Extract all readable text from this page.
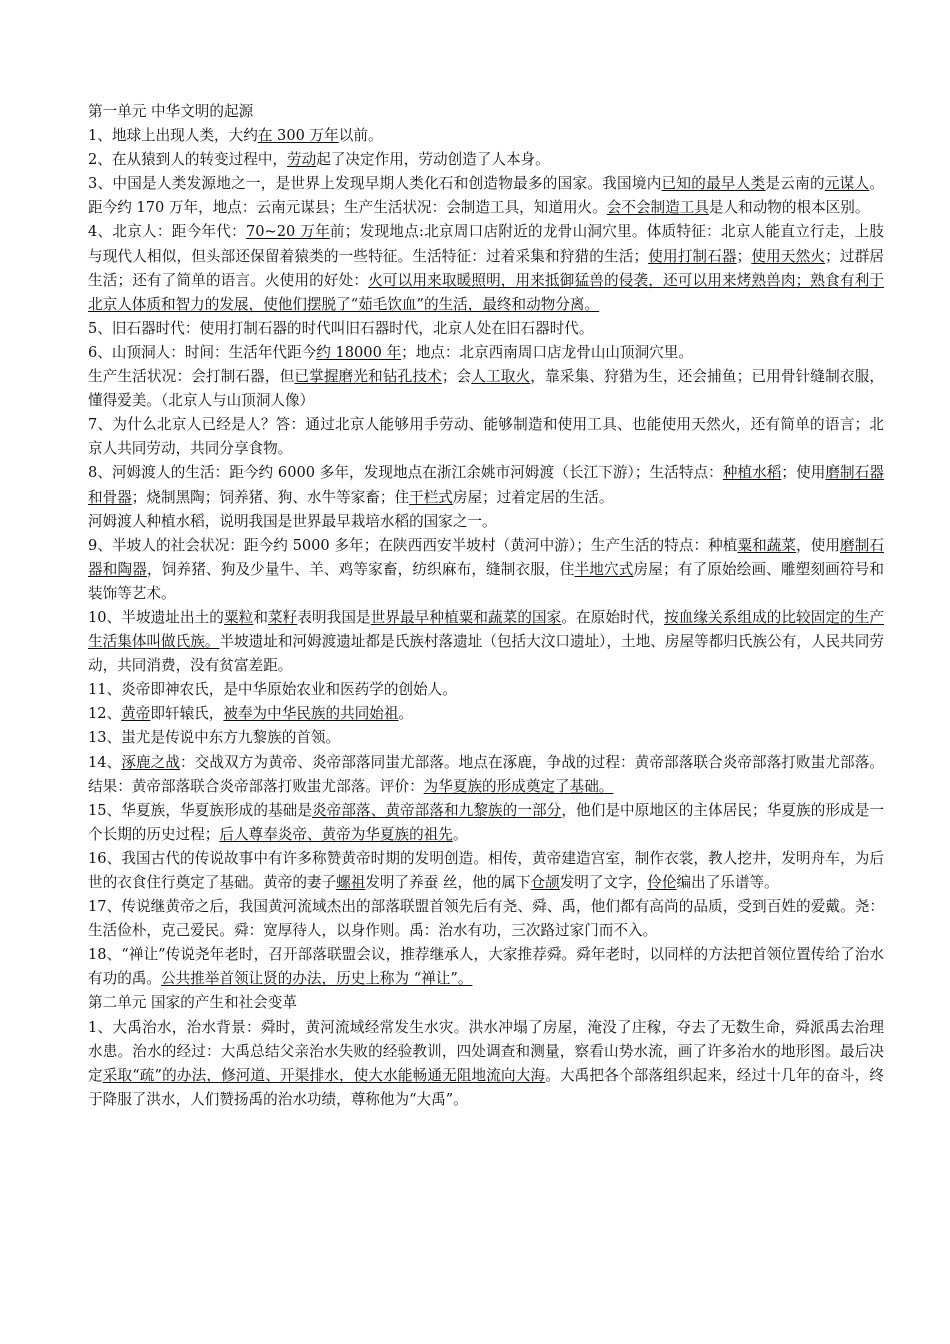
第一单元 中华文明的起源

1、地球上出现人类，大约在 300 万年以前。

2、在从猿到人的转变过程中，劳动起了决定作用，劳动创造了人本身。

3、中国是人类发源地之一，是世界上发现早期人类化石和创造物最多的国家。我国境内已知的最早人类是云南的元谋人。距今约 170 万年，地点：云南元谋县；生产生活状况：会制造工具，知道用火。会不会制造工具是人和动物的根本区别。

4、北京人：距今年代：70~20 万年前；发现地点:北京周口店附近的龙骨山洞穴里。体质特征：北京人能直立行走，上肢与现代人相似，但头部还保留着猿类的一些特征。生活特征：过着采集和狩猎的生活；使用打制石器；使用天然火；过群居生活；还有了简单的语言。火使用的好处：火可以用来取暖照明，用来抵御猛兽的侵袭，还可以用来烤熟兽肉；熟食有利于北京人体质和智力的发展，使他们摆脱了“茹毛饮血”的生活，最终和动物分离。

5、旧石器时代：使用打制石器的时代叫旧石器时代，北京人处在旧石器时代。

6、山顶洞人：时间：生活年代距今约 18000 年；地点：北京西南周口店龙骨山山顶洞穴里。

生产生活状况：会打制石器，但已掌握磨光和钻孔技术；会人工取火，靠采集、狩猎为生，还会捕鱼；已用骨针缝制衣服，懂得爱美。（北京人与山顶洞人像）

7、为什么北京人已经是人？答：通过北京人能够用手劳动、能够制造和使用工具、也能使用天然火，还有简单的语言；北京人共同劳动，共同分享食物。

8、河姆渡人的生活：距今约 6000 多年，发现地点在浙江余姚市河姆渡（长江下游）；生活特点：种植水稻；使用磨制石器和骨器；烧制黑陶；饲养猪、狗、水牛等家畜；住干栏式房屋；过着定居的生活。

河姆渡人种植水稻，说明我国是世界最早栽培水稻的国家之一。

9、半坡人的社会状况：距今约 5000 多年；在陕西西安半坡村（黄河中游）；生产生活的特点：种植粟和蔬菜，使用磨制石器和陶器，饲养猪、狗及少量牛、羊、鸡等家畜，纺织麻布，缝制衣服，住半地穴式房屋；有了原始绘画、雕塑刻画符号和装饰等艺术。

10、半坡遗址出土的粟粒和菜籽表明我国是世界最早种植粟和蔬菜的国家。在原始时代，按血缘关系组成的比较固定的生产生活集体叫做氏族。半坡遗址和河姆渡遗址都是氏族村落遗址（包括大汶口遗址），土地、房屋等都归氏族公有，人民共同劳动，共同消费，没有贫富差距。

11、炎帝即神农氏，是中华原始农业和医药学的创始人。

12、黄帝即轩辕氏，被奉为中华民族的共同始祖。

13、蚩尤是传说中东方九黎族的首领。

14、涿鹿之战：交战双方为黄帝、炎帝部落同蚩尤部落。地点在涿鹿，争战的过程：黄帝部落联合炎帝部落打败蚩尤部落。结果：黄帝部落联合炎帝部落打败蚩尤部落。评价：为华夏族的形成奠定了基础。

15、华夏族，华夏族形成的基础是炎帝部落、黄帝部落和九黎族的一部分，他们是中原地区的主体居民；华夏族的形成是一个长期的历史过程；后人尊奉炎帝、黄帝为华夏族的祖先。

16、我国古代的传说故事中有许多称赞黄帝时期的发明创造。相传，黄帝建造宫室，制作衣裳，教人挖井，发明舟车，为后世的衣食住行奠定了基础。黄帝的妻子螺祖发明了养蚕 丝，他的属下仓颉发明了文字，伶伦编出了乐谱等。

17、传说继黄帝之后，我国黄河流域杰出的部落联盟首领先后有尧、舜、禹，他们都有高尚的品质，受到百姓的爱戴。尧：生活俭朴，克己爱民。舜：宽厚待人，以身作则。禹：治水有功，三次路过家门而不入。

18、“禅让”传说尧年老时，召开部落联盟会议，推荐继承人，大家推荐舜。舜年老时，以同样的方法把首领位置传给了治水有功的禹。公共推举首领让贤的办法，历史上称为 “禅让”。

第二单元 国家的产生和社会变革

1、大禹治水，治水背景：舜时，黄河流域经常发生水灾。洪水冲塌了房屋，淹没了庄稼，夺去了无数生命，舜派禹去治理水患。治水的经过：大禹总结父亲治水失败的经验教训，四处调查和测量，察看山势水流，画了许多治水的地形图。最后决定采取“疏”的办法，修河道、开渠排水，使大水能畅通无阻地流向大海。大禹把各个部落组织起来，经过十几年的奋斗，终于降服了洪水，人们赞扬禹的治水功绩，尊称他为“大禹”。
